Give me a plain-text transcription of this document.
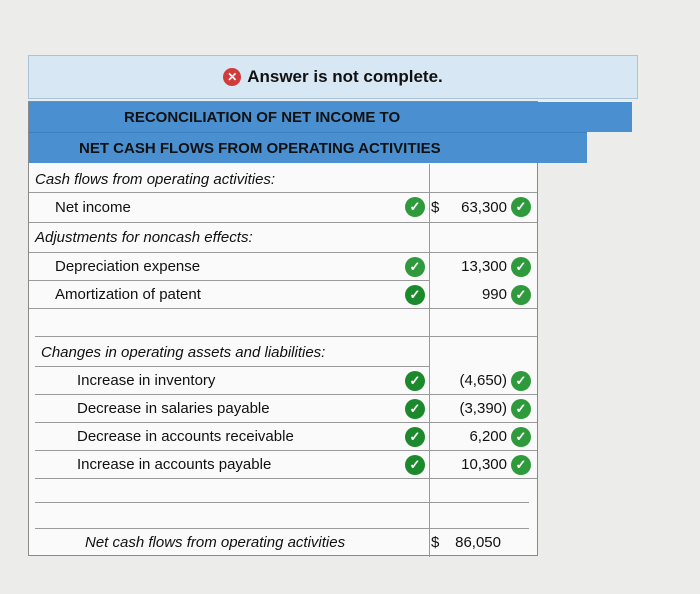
✕ Answer is not complete.
RECONCILIATION OF NET INCOME TO
NET CASH FLOWS FROM OPERATING ACTIVITIES
Cash flows from operating activities:
Net income	✓ $	63,300 ✓
Adjustments for noncash effects:
Depreciation expense	✓	13,300 ✓
Amortization of patent	✓	990 ✓
Changes in operating assets and liabilities:
Increase in inventory	✓	(4,650) ✓
Decrease in salaries payable	✓	(3,390) ✓
Decrease in accounts receivable	✓	6,200 ✓
Increase in accounts payable	✓	10,300 ✓
Net cash flows from operating activities	$	86,050
